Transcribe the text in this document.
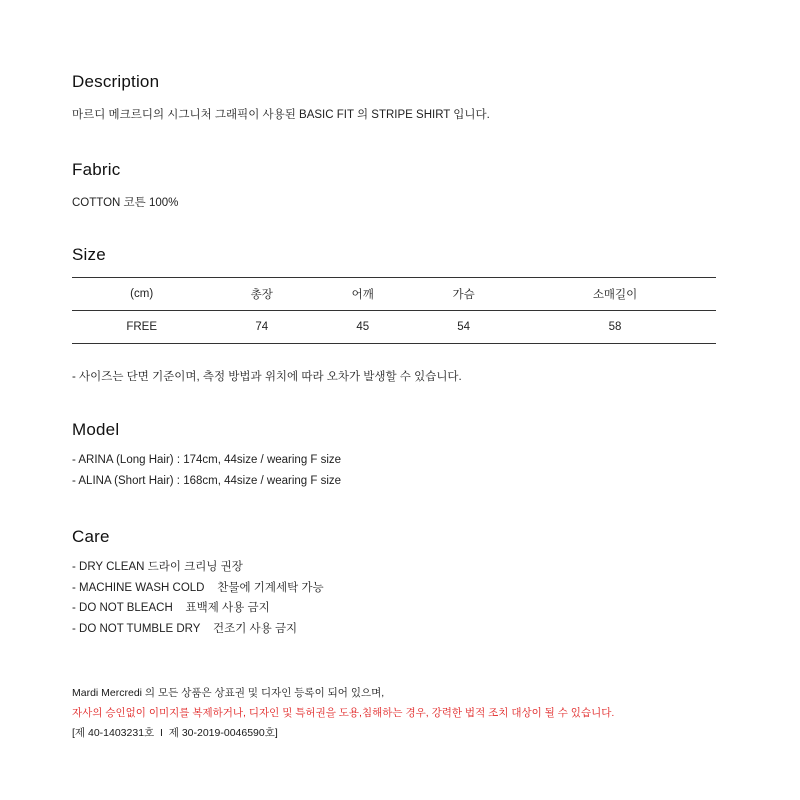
Description

마르디 메크르디의 시그니처 그래픽이 사용된 BASIC FIT 의 STRIPE SHIRT 입니다.

Fabric

COTTON 코튼 100%

Size
(cm)	총장	어깨	가슴	소매길이
FREE	74	45	54	58

- 사이즈는 단면 기준이며, 측정 방법과 위치에 따라 오차가 발생할 수 있습니다.

Model
- ARINA (Long Hair) : 174cm, 44size / wearing F size
- ALINA (Short Hair) : 168cm, 44size / wearing F size
Care
- DRY CLEAN 드라이 크리닝 권장
- MACHINE WASH COLD    찬물에 기계세탁 가능
- DO NOT BLEACH    표백제 사용 금지
- DO NOT TUMBLE DRY    건조기 사용 금지

Mardi Mercredi 의 모든 상품은 상표권 및 디자인 등록이 되어 있으며,

자사의 승인없이 이미지를 복제하거나, 디자인 및 특허권을 도용,침해하는 경우, 강력한 법적 조치 대상이 될 수 있습니다.

[제 40-1403231호  I  제 30-2019-0046590호]
